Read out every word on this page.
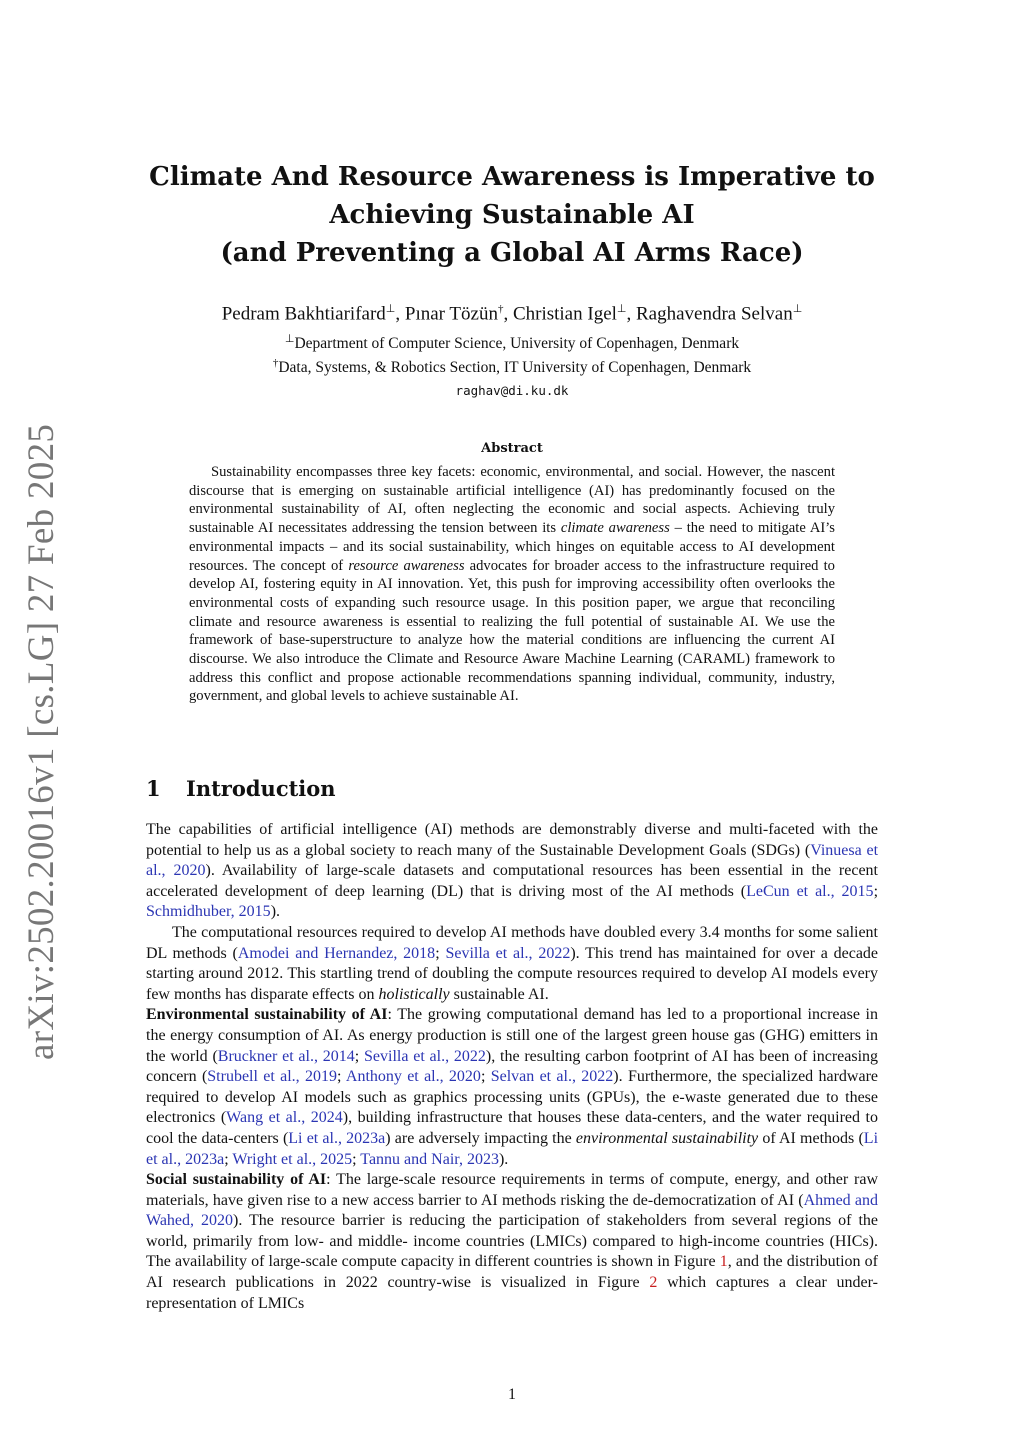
arXiv:2502.20016v1 [cs.LG] 27 Feb 2025
Climate And Resource Awareness is Imperative to
Achieving Sustainable AI
(and Preventing a Global AI Arms Race)
Pedram Bakhtiarifard⊥, Pınar Tözün†, Christian Igel⊥, Raghavendra Selvan⊥
⊥Department of Computer Science, University of Copenhagen, Denmark
†Data, Systems, & Robotics Section, IT University of Copenhagen, Denmark
raghav@di.ku.dk
Abstract

Sustainability encompasses three key facets: economic, environmental, and social. However, the nascent discourse that is emerging on sustainable artificial intelligence (AI) has predominantly focused on the environmental sustainability of AI, often neglecting the economic and social aspects. Achieving truly sustainable AI necessitates addressing the tension between its climate awareness – the need to mitigate AI’s environmental impacts – and its social sustainability, which hinges on equitable access to AI development resources. The concept of resource awareness advocates for broader access to the infrastructure required to develop AI, fostering equity in AI innovation. Yet, this push for improving accessibility often overlooks the environmental costs of expanding such resource usage. In this position paper, we argue that reconciling climate and resource awareness is essential to realizing the full potential of sustainable AI. We use the framework of base-superstructure to analyze how the material conditions are influencing the current AI discourse. We also introduce the Climate and Resource Aware Machine Learning (CARAML) framework to address this conflict and propose actionable recommendations spanning individual, community, industry, government, and global levels to achieve sustainable AI.

1 Introduction

The capabilities of artificial intelligence (AI) methods are demonstrably diverse and multi-faceted with the potential to help us as a global society to reach many of the Sustainable Development Goals (SDGs) (Vinuesa et al., 2020). Availability of large-scale datasets and computational resources has been essential in the recent accelerated development of deep learning (DL) that is driving most of the AI methods (LeCun et al., 2015; Schmidhuber, 2015).

The computational resources required to develop AI methods have doubled every 3.4 months for some salient DL methods (Amodei and Hernandez, 2018; Sevilla et al., 2022). This trend has maintained for over a decade starting around 2012. This startling trend of doubling the compute resources required to develop AI models every few months has disparate effects on holistically sustainable AI.

Environmental sustainability of AI: The growing computational demand has led to a proportional increase in the energy consumption of AI. As energy production is still one of the largest green house gas (GHG) emitters in the world (Bruckner et al., 2014; Sevilla et al., 2022), the resulting carbon footprint of AI has been of increasing concern (Strubell et al., 2019; Anthony et al., 2020; Selvan et al., 2022). Furthermore, the specialized hardware required to develop AI models such as graphics processing units (GPUs), the e-waste generated due to these electronics (Wang et al., 2024), building infrastructure that houses these data-centers, and the water required to cool the data-centers (Li et al., 2023a) are adversely impacting the environmental sustainability of AI methods (Li et al., 2023a; Wright et al., 2025; Tannu and Nair, 2023).

Social sustainability of AI: The large-scale resource requirements in terms of compute, energy, and other raw materials, have given rise to a new access barrier to AI methods risking the de-democratization of AI (Ahmed and Wahed, 2020). The resource barrier is reducing the participation of stakeholders from several regions of the world, primarily from low- and middle- income countries (LMICs) compared to high-income countries (HICs). The availability of large-scale compute capacity in different countries is shown in Figure 1, and the distribution of AI research publications in 2022 country-wise is visualized in Figure 2 which captures a clear under-representation of LMICs

1
